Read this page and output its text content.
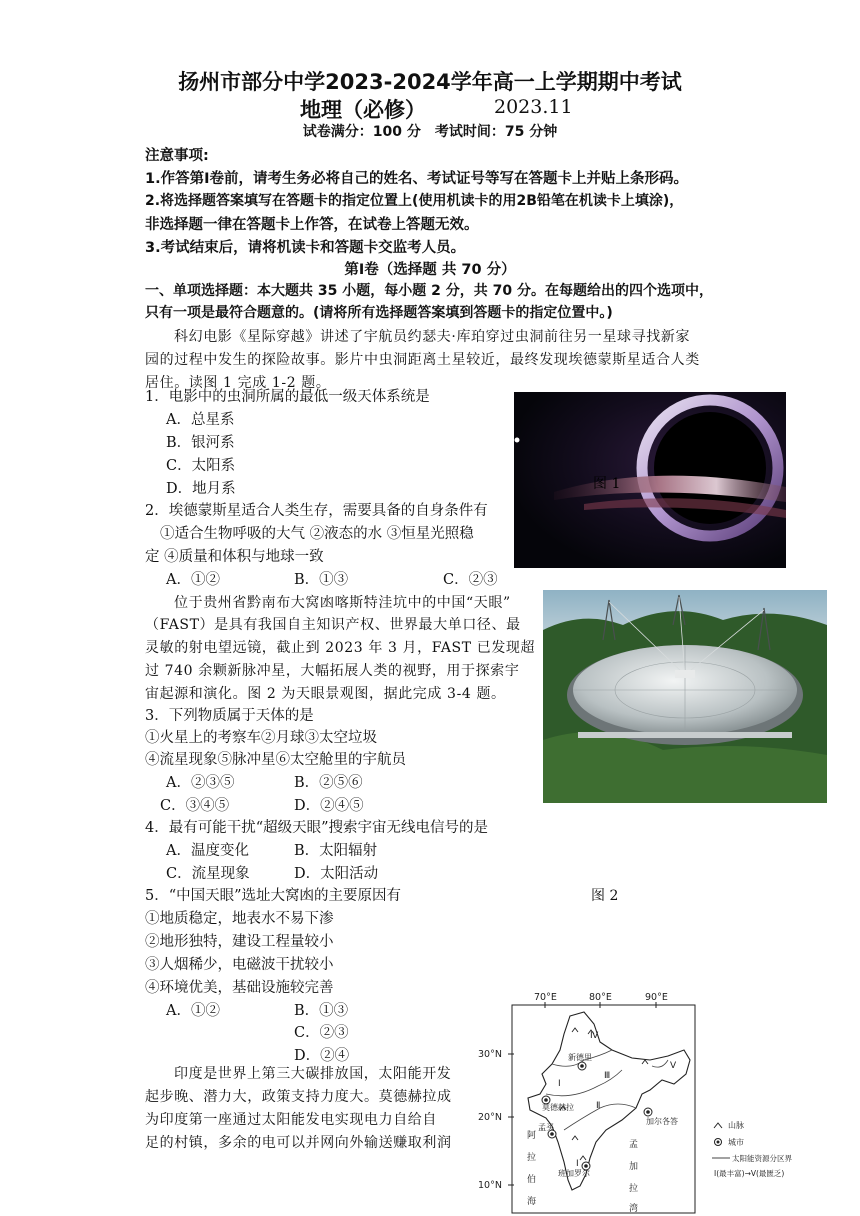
扬州市部分中学2023-2024学年高一上学期期中考试
地理（必修）	2023.11
试卷满分：100 分　考试时间：75 分钟
注意事项:
1.作答第Ⅰ卷前，请考生务必将自己的姓名、考试证号等写在答题卡上并贴上条形码。
2.将选择题答案填写在答题卡的指定位置上(使用机读卡的用2B铅笔在机读卡上填涂)，
非选择题一律在答题卡上作答，在试卷上答题无效。
3.考试结束后，请将机读卡和答题卡交监考人员。
第Ⅰ卷（选择题 共 70 分）
一、单项选择题：本大题共 35 小题，每小题 2 分，共 70 分。在每题给出的四个选项中，
只有一项是最符合题意的。(请将所有选择题答案填到答题卡的指定位置中。)
科幻电影《星际穿越》讲述了宇航员约瑟夫·库珀穿过虫洞前往另一星球寻找新家
园的过程中发生的探险故事。影片中虫洞距离土星较近，最终发现埃德蒙斯星适合人类
居住。读图 1 完成 1-2 题。
1．电影中的虫洞所属的最低一级天体系统是
A．总星系
B．银河系
C．太阳系
D．地月系	图 1
2．埃德蒙斯星适合人类生存，需要具备的自身条件有
①适合生物呼吸的大气 ②液态的水 ③恒星光照稳
定 ④质量和体积与地球一致
A．①②	B．①③	C．②③
位于贵州省黔南布大窝凼喀斯特洼坑中的中国“天眼”
（FAST）是具有我国自主知识产权、世界最大单口径、最
灵敏的射电望远镜，截止到 2023 年 3 月，FAST 已发现超
过 740 余颗新脉冲星，大幅拓展人类的视野，用于探索宇
宙起源和演化。图 2 为天眼景观图，据此完成 3-4 题。
3．下列物质属于天体的是
①火星上的考察车②月球③太空垃圾
④流星现象⑤脉冲星⑥太空舱里的宇航员
A．②③⑤	B．②⑤⑥
C．③④⑤	D．②④⑤
4．最有可能干扰“超级天眼”搜索宇宙无线电信号的是
A．温度变化	B．太阳辐射
C．流星现象	D．太阳活动
图 2
5．“中国天眼”选址大窝凼的主要原因有
①地质稳定，地表水不易下渗
②地形独特，建设工程量较小
③人烟稀少，电磁波干扰较小
④环境优美，基础设施较完善
A．①②	B．①③
C．②③
D．②④
印度是世界上第三大碳排放国，太阳能开发
起步晚、潜力大，政策支持力度大。莫德赫拉成
为印度第一座通过太阳能发电实现电力自给自
足的村镇，多余的电可以并网向外输送赚取利润
70°E	80°E	90°E
30°N
20°N
10°N
Ⅳ
Ⅰ
Ⅲ
Ⅱ
Ⅴ
Ⅰ
新德里
莫德赫拉
加尔各答
孟买
班加罗尔
阿
拉
伯
海
孟
加
拉
湾
山脉
城市
太阳能资源分区界
Ⅰ(最丰富)→Ⅴ(最匮乏)
